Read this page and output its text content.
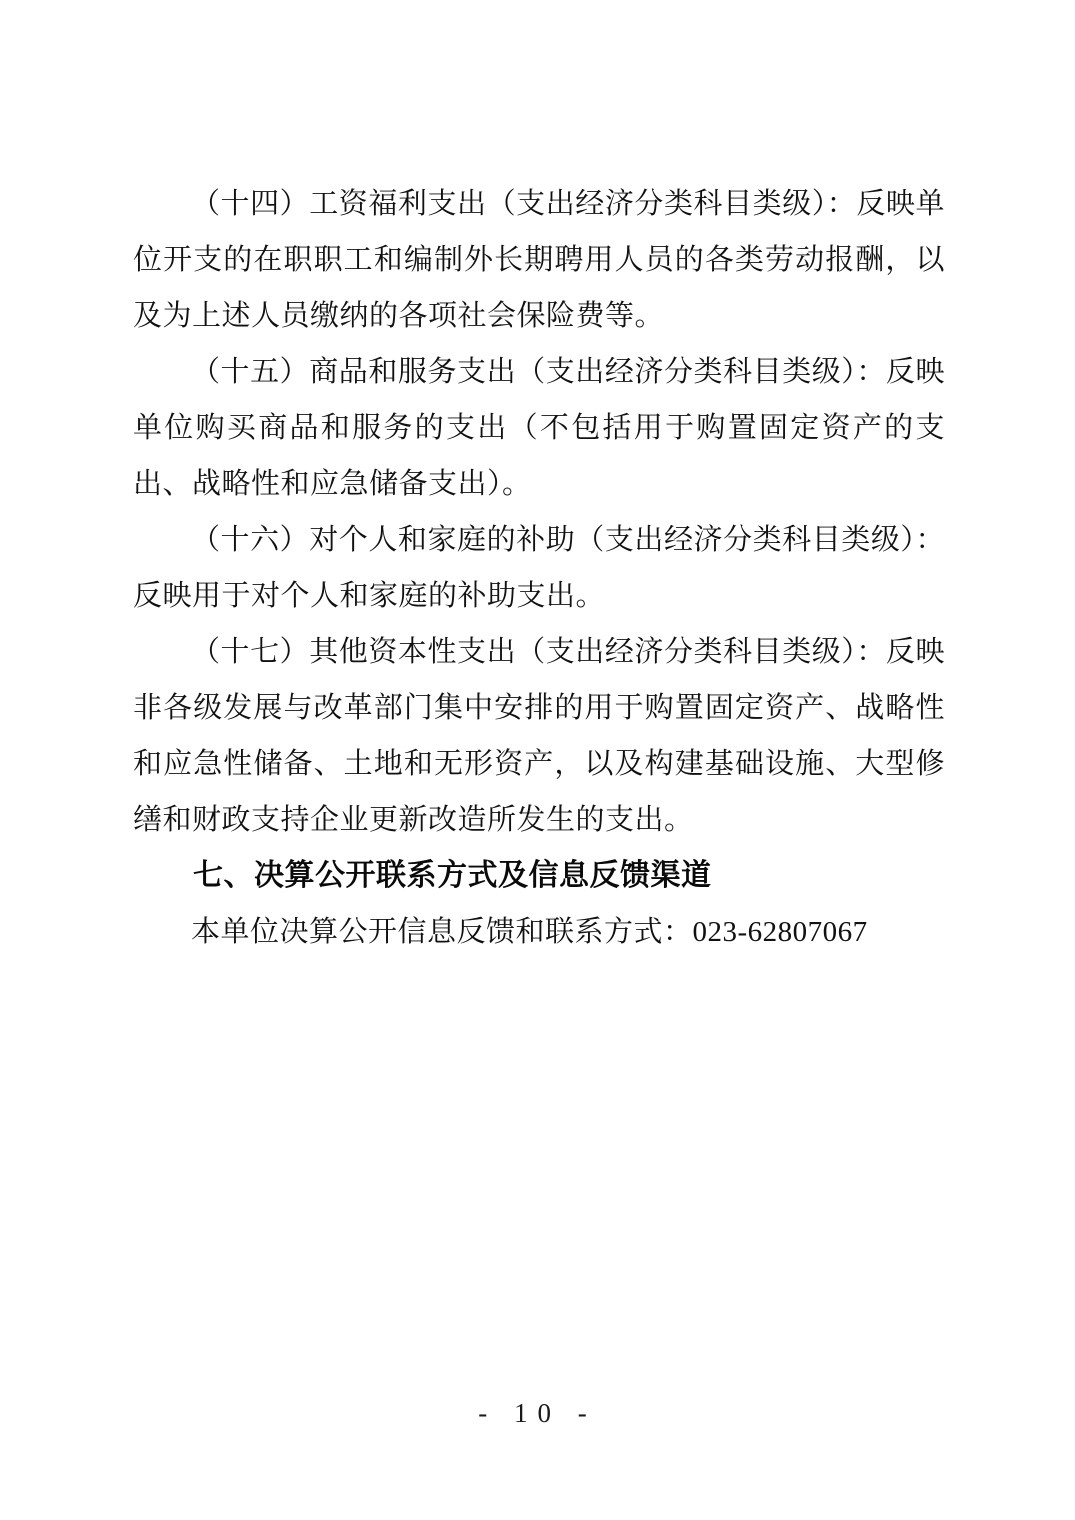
（十四）工资福利支出（支出经济分类科目类级）：反映单位开支的在职职工和编制外长期聘用人员的各类劳动报酬，以及为上述人员缴纳的各项社会保险费等。

（十五）商品和服务支出（支出经济分类科目类级）：反映单位购买商品和服务的支出（不包括用于购置固定资产的支出、战略性和应急储备支出）。

（十六）对个人和家庭的补助（支出经济分类科目类级）：反映用于对个人和家庭的补助支出。

（十七）其他资本性支出（支出经济分类科目类级）：反映非各级发展与改革部门集中安排的用于购置固定资产、战略性和应急性储备、土地和无形资产，以及构建基础设施、大型修缮和财政支持企业更新改造所发生的支出。

七、决算公开联系方式及信息反馈渠道

本单位决算公开信息反馈和联系方式：023-62807067

- 10 -
